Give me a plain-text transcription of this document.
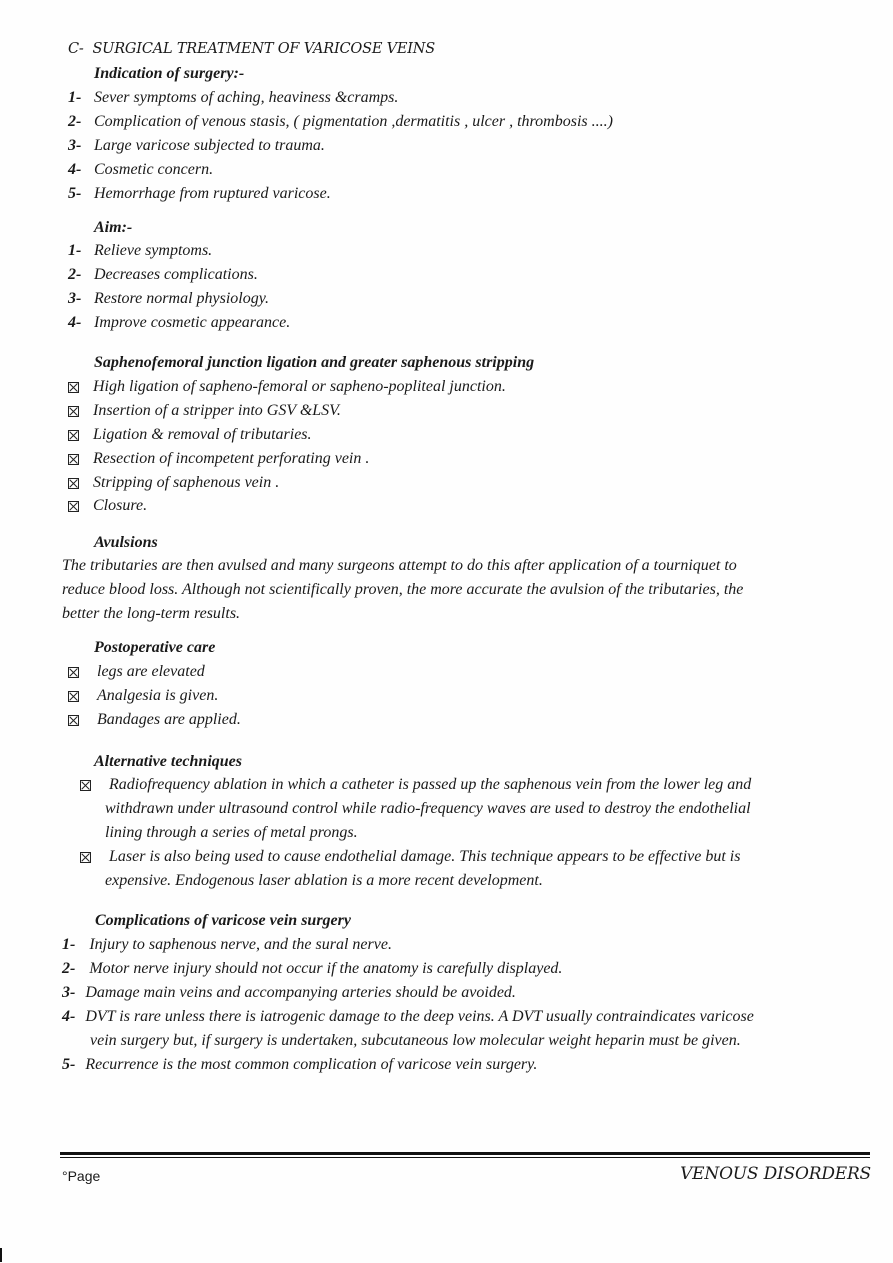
C- SURGICAL TREATMENT OF VARICOSE VEINS
Indication of surgery:-
1- Sever symptoms of aching, heaviness &cramps.
2- Complication of venous stasis, ( pigmentation ,dermatitis , ulcer , thrombosis ....)
3- Large varicose subjected to trauma.
4- Cosmetic concern.
5- Hemorrhage from ruptured varicose.
Aim:-
1- Relieve symptoms.
2- Decreases complications.
3- Restore normal physiology.
4- Improve cosmetic appearance.
Saphenofemoral junction ligation and greater saphenous stripping
High ligation of sapheno-femoral or sapheno-popliteal junction.
Insertion of a stripper into GSV &LSV.
Ligation & removal of tributaries.
Resection of incompetent perforating vein .
Stripping of saphenous vein .
Closure.
Avulsions
The tributaries are then avulsed and many surgeons attempt to do this after application of a tourniquet to
reduce blood loss. Although not scientifically proven, the more accurate the avulsion of the tributaries, the
better the long-term results.
Postoperative care
legs are elevated
Analgesia is given.
Bandages are applied.
Alternative techniques
Radiofrequency ablation in which a catheter is passed up the saphenous vein from the lower leg and
withdrawn under ultrasound control while radio-frequency waves are used to destroy the endothelial
lining through a series of metal prongs.
Laser is also being used to cause endothelial damage. This technique appears to be effective but is
expensive. Endogenous laser ablation is a more recent development.
Complications of varicose vein surgery
1- Injury to saphenous nerve, and the sural nerve.
2- Motor nerve injury should not occur if the anatomy is carefully displayed.
3- Damage main veins and accompanying arteries should be avoided.
4- DVT is rare unless there is iatrogenic damage to the deep veins. A DVT usually contraindicates varicose
vein surgery but, if surgery is undertaken, subcutaneous low molecular weight heparin must be given.
5- Recurrence is the most common complication of varicose vein surgery.
°Page	VENOUS DISORDERS
